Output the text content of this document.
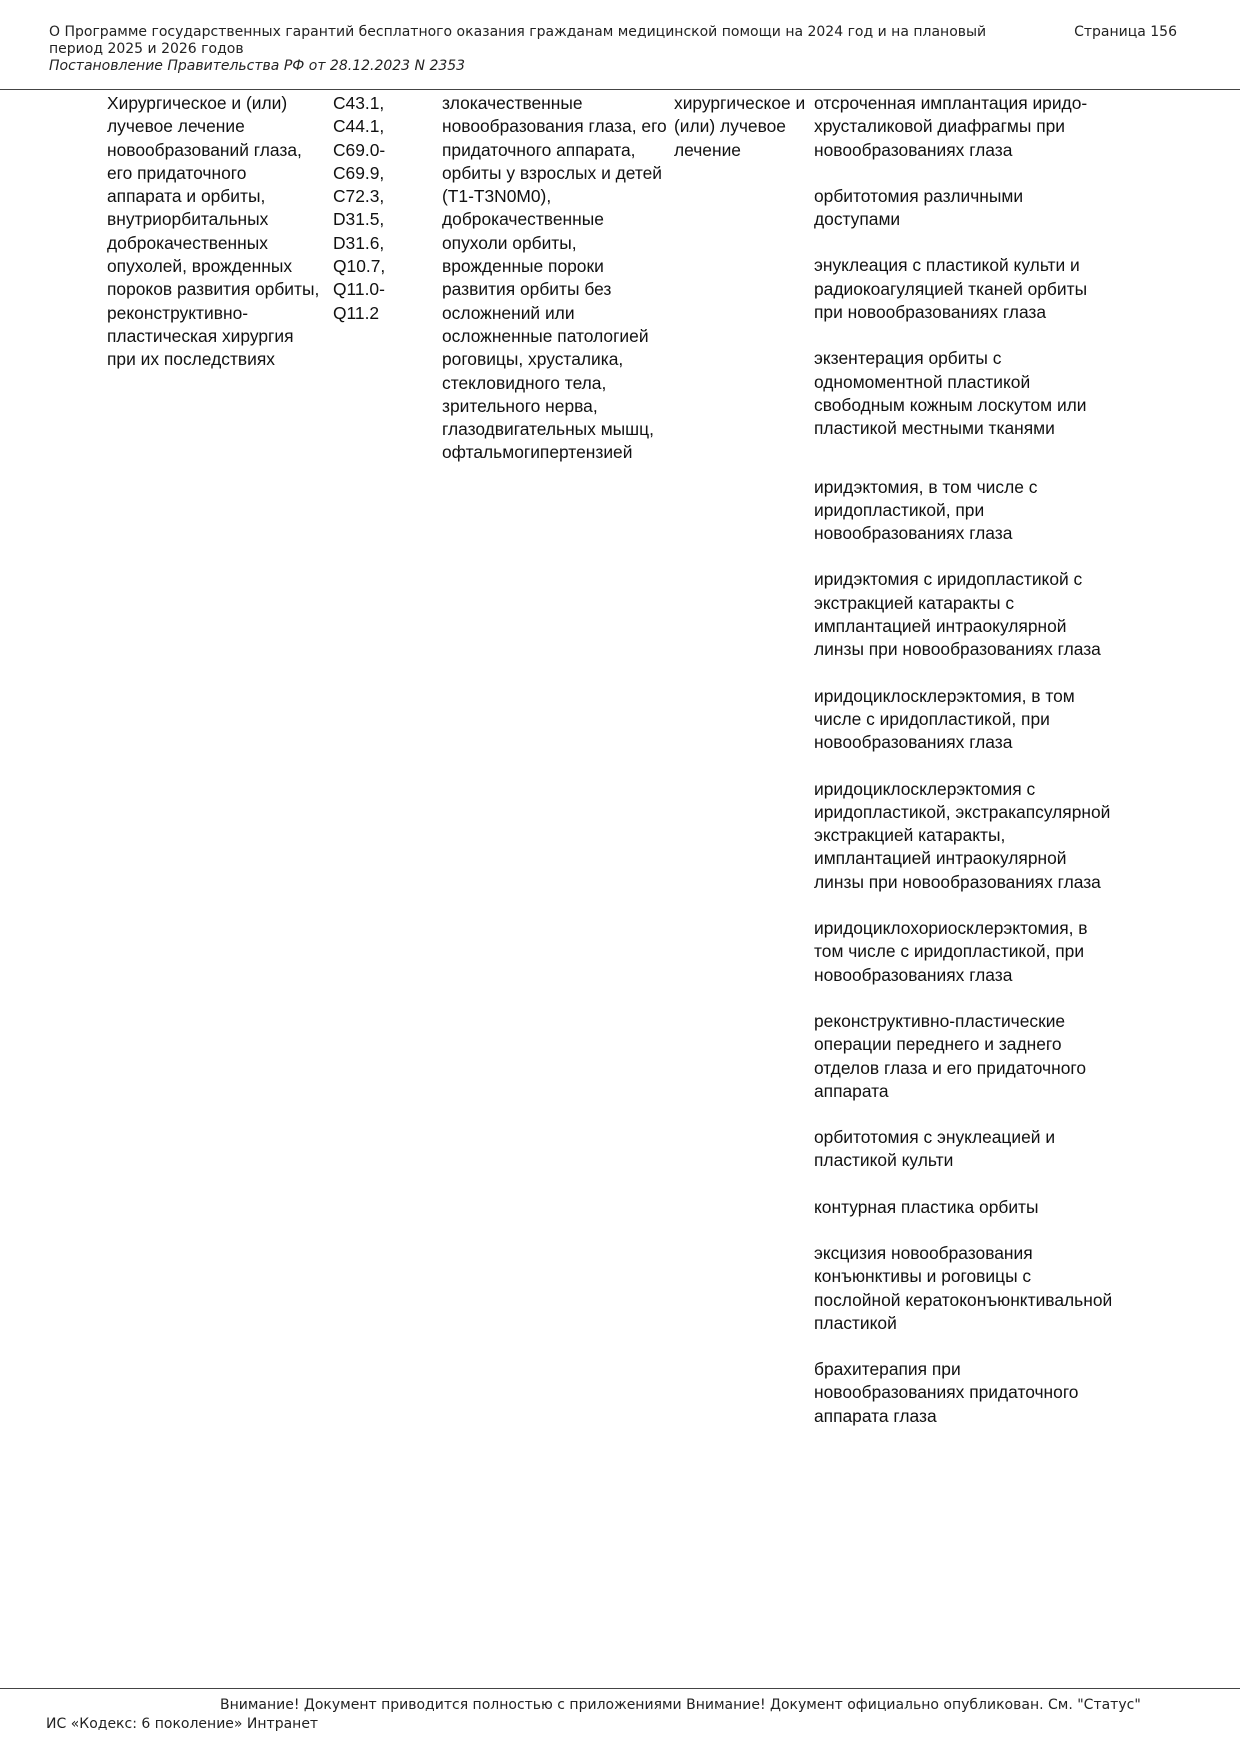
О Программе государственных гарантий бесплатного оказания гражданам медицинской помощи на 2024 год и на плановый период 2025 и 2026 годов
Постановление Правительства РФ от 28.12.2023 N 2353
Страница 156
Хирургическое и (или) лучевое лечение новообразований глаза, его придаточного аппарата и орбиты, внутриорбитальных доброкачественных опухолей, врожденных пороков развития орбиты, реконструктивно-пластическая хирургия при их последствиях
C43.1,
C44.1,
C69.0-
C69.9,
C72.3,
D31.5,
D31.6,
Q10.7,
Q11.0-
Q11.2
злокачественные новообразования глаза, его придаточного аппарата, орбиты у взрослых и детей (T1-T3N0M0), доброкачественные опухоли орбиты, врожденные пороки развития орбиты без осложнений или осложненные патологией роговицы, хрусталика, стекловидного тела, зрительного нерва, глазодвигательных мышц, офтальмогипертензией
хирургическое и (или) лучевое лечение
отсроченная имплантация иридо-хрусталиковой диафрагмы при новообразованиях глаза
орбитотомия различными доступами
энуклеация с пластикой культи и радиокоагуляцией тканей орбиты при новообразованиях глаза
экзентерация орбиты с одномоментной пластикой свободным кожным лоскутом или пластикой местными тканями
иридэктомия, в том числе с иридопластикой, при новообразованиях глаза
иридэктомия с иридопластикой с экстракцией катаракты с имплантацией интраокулярной линзы при новообразованиях глаза
иридоциклосклерэктомия, в том числе с иридопластикой, при новообразованиях глаза
иридоциклосклерэктомия с иридопластикой, экстракапсулярной экстракцией катаракты, имплантацией интраокулярной линзы при новообразованиях глаза
иридоциклохориосклерэктомия, в том числе с иридопластикой, при новообразованиях глаза
реконструктивно-пластические операции переднего и заднего отделов глаза и его придаточного аппарата
орбитотомия с энуклеацией и пластикой культи
контурная пластика орбиты
эксцизия новообразования конъюнктивы и роговицы с послойной кератоконъюнктивальной пластикой
брахитерапия при новообразованиях придаточного аппарата глаза
Внимание! Документ приводится полностью с приложениями Внимание! Документ официально опубликован. См. "Статус"
ИС «Кодекс: 6 поколение» Интранет
